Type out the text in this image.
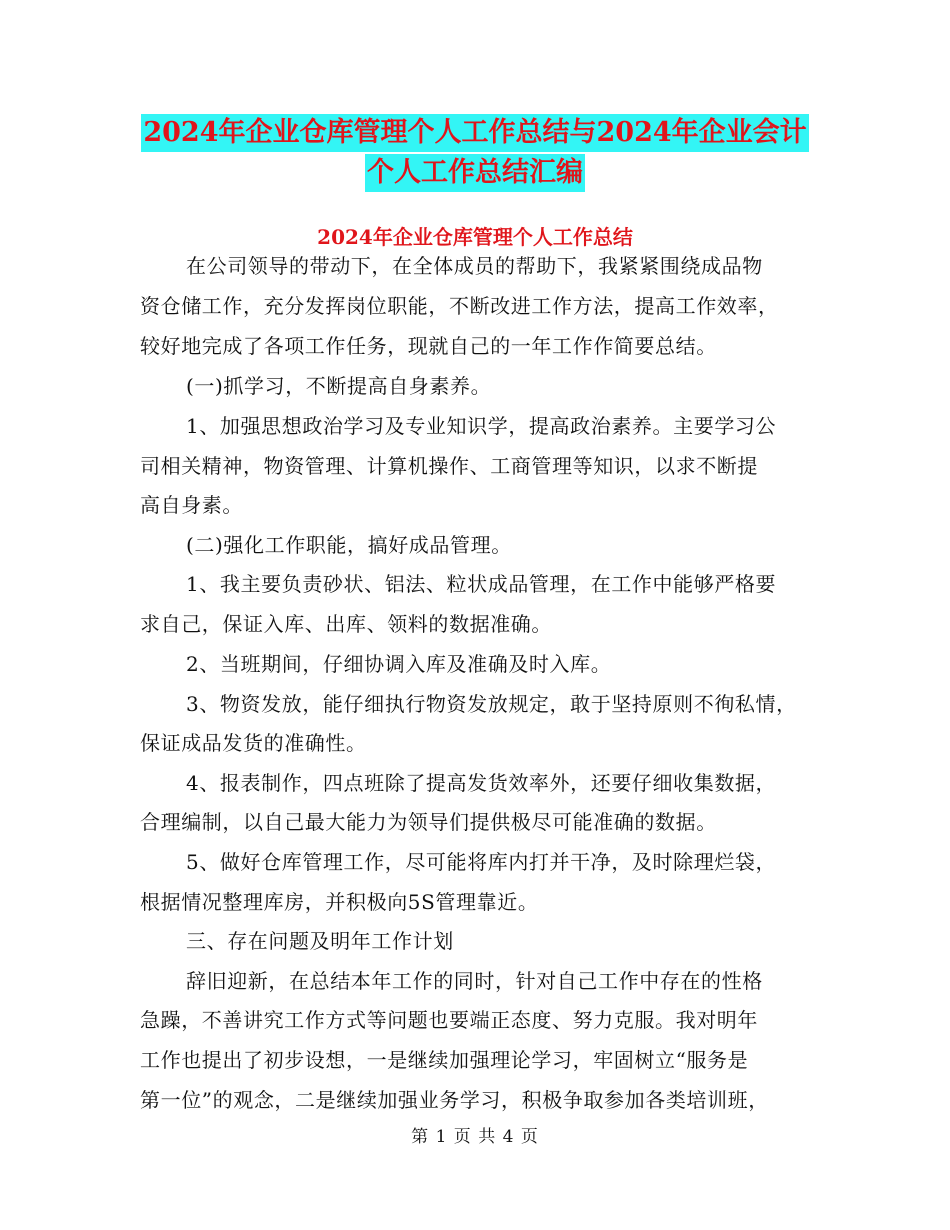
2024年企业仓库管理个人工作总结与2024年企业会计
个人工作总结汇编
2024年企业仓库管理个人工作总结
在公司领导的带动下，在全体成员的帮助下，我紧紧围绕成品物
资仓储工作，充分发挥岗位职能，不断改进工作方法，提高工作效率，
较好地完成了各项工作任务，现就自己的一年工作作简要总结。
(一)抓学习，不断提高自身素养。
1、加强思想政治学习及专业知识学，提高政治素养。主要学习公
司相关精神，物资管理、计算机操作、工商管理等知识，以求不断提
高自身素。
(二)强化工作职能，搞好成品管理。
1、我主要负责砂状、铝法、粒状成品管理，在工作中能够严格要
求自己，保证入库、出库、领料的数据准确。
2、当班期间，仔细协调入库及准确及时入库。
3、物资发放，能仔细执行物资发放规定，敢于坚持原则不徇私情，
保证成品发货的准确性。
4、报表制作，四点班除了提高发货效率外，还要仔细收集数据，
合理编制，以自己最大能力为领导们提供极尽可能准确的数据。
5、做好仓库管理工作，尽可能将库内打并干净，及时除理烂袋，
根据情况整理库房，并积极向5S管理靠近。
三、存在问题及明年工作计划
辞旧迎新，在总结本年工作的同时，针对自己工作中存在的性格
急躁，不善讲究工作方式等问题也要端正态度、努力克服。我对明年
工作也提出了初步设想，一是继续加强理论学习，牢固树立“服务是
第 1 页 共 4 页
第一位”的观念，二是继续加强业务学习，积极争取参加各类培训班，
